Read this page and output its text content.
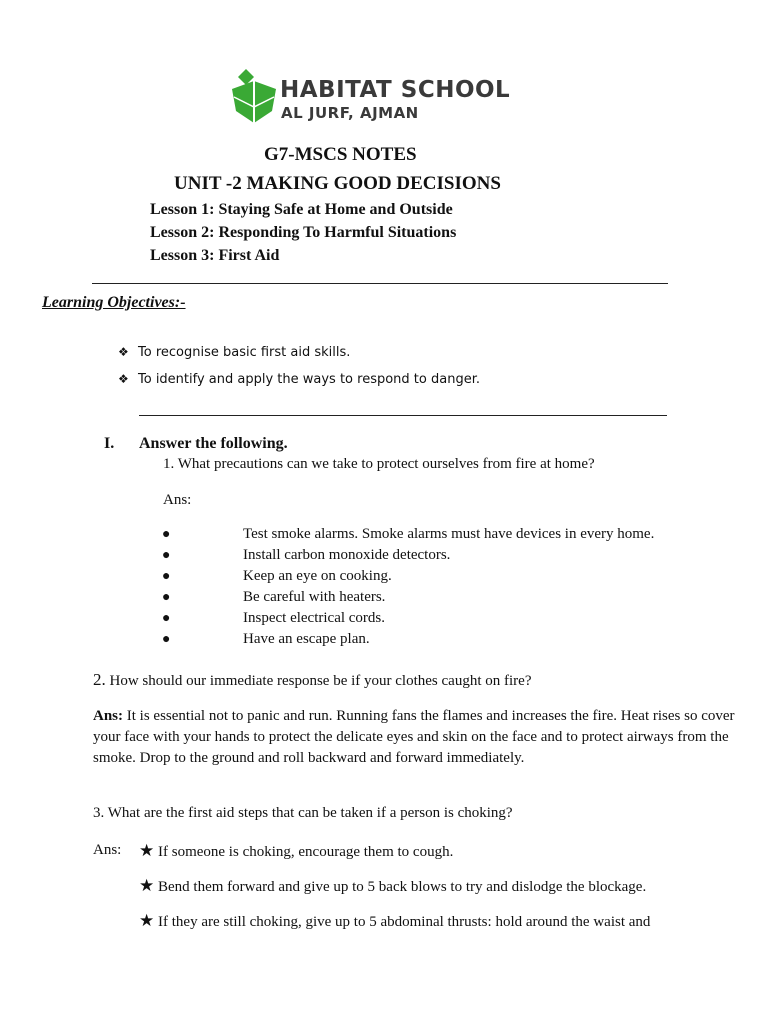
HABITAT SCHOOL
AL JURF, AJMAN
G7-MSCS NOTES
UNIT -2 MAKING GOOD DECISIONS
Lesson 1: Staying Safe at Home and Outside
Lesson 2: Responding To Harmful Situations
Lesson 3: First Aid
Learning Objectives:-
❖ To recognise basic first aid skills.
❖ To identify and apply the ways to respond to danger.
I. Answer the following.
1. What precautions can we take to protect ourselves from fire at home?
Ans:
●	Test smoke alarms. Smoke alarms must have devices in every home.
●	Install carbon monoxide detectors.
●	Keep an eye on cooking.
●	Be careful with heaters.
●	Inspect electrical cords.
●	Have an escape plan.
2. How should our immediate response be if your clothes caught on fire?
Ans: It is essential not to panic and run. Running fans the flames and increases the fire. Heat rises so cover your face with your hands to protect the delicate eyes and skin on the face and to protect airways from the smoke. Drop to the ground and roll backward and forward immediately.
3. What are the first aid steps that can be taken if a person is choking?
Ans: ★ If someone is choking, encourage them to cough.
★ Bend them forward and give up to 5 back blows to try and dislodge the blockage.
★ If they are still choking, give up to 5 abdominal thrusts: hold around the waist and
